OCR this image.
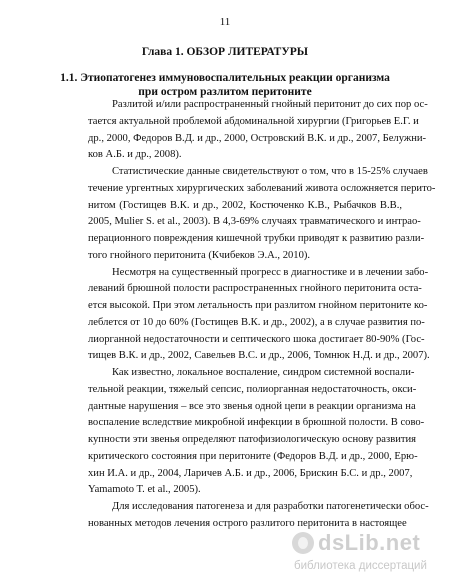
11
Глава 1. ОБЗОР ЛИТЕРАТУРЫ
1.1. Этиопатогенез иммуновоспалительных реакции организма
при остром разлитом перитоните

Разлитой и/или распространенный гнойный перитонит до сих пор ос-
тается актуальной проблемой абдоминальной хирургии (Григорьев Е.Г. и
др., 2000, Федоров В.Д. и др., 2000, Островский В.К. и др., 2007, Белужни-
ков А.Б. и др., 2008).

Статистические данные свидетельствуют о том, что в 15-25% случаев
течение ургентных хирургических заболеваний живота осложняется перито-
нитом (Гостищев В.К. и др., 2002, Костюченко К.В., Рыбачков В.В.,
2005, Mulier S. et al., 2003). В 4,3-69% случаях травматического и интрао-
перационного повреждения кишечной трубки приводят к развитию разли-
того гнойного перитонита (Кчибеков Э.А., 2010).

Несмотря на существенный прогресс в диагностике и в лечении забо-
леваний брюшной полости распространенных гнойного перитонита оста-
ется высокой. При этом летальность при разлитом гнойном перитоните ко-
леблется от 10 до 60% (Гостищев В.К. и др., 2002), а в случае развития по-
лиорганной недостаточности и септического шока достигает 80-90% (Гос-
тищев В.К. и др., 2002, Савельев В.С. и др., 2006, Томнюк Н.Д. и др., 2007).

Как известно, локальное воспаление, синдром системной воспали-
тельной реакции, тяжелый сепсис, полиорганная недостаточность, окси-
дантные нарушения – все это звенья одной цепи в реакции организма на
воспаление вследствие микробной инфекции в брюшной полости. В сово-
купности эти звенья определяют патофизиологическую основу развития
критического состояния при перитоните (Федоров В.Д. и др., 2000, Ерю-
хин И.А. и др., 2004, Ларичев А.Б. и др., 2006, Брискин Б.С. и др., 2007,
Yamamoto T. et al., 2005).

Для исследования патогенеза и для разработки патогенетически обос-
нованных методов лечения острого разлитого перитонита в настоящее

dsLib.net
библиотека диссертаций
